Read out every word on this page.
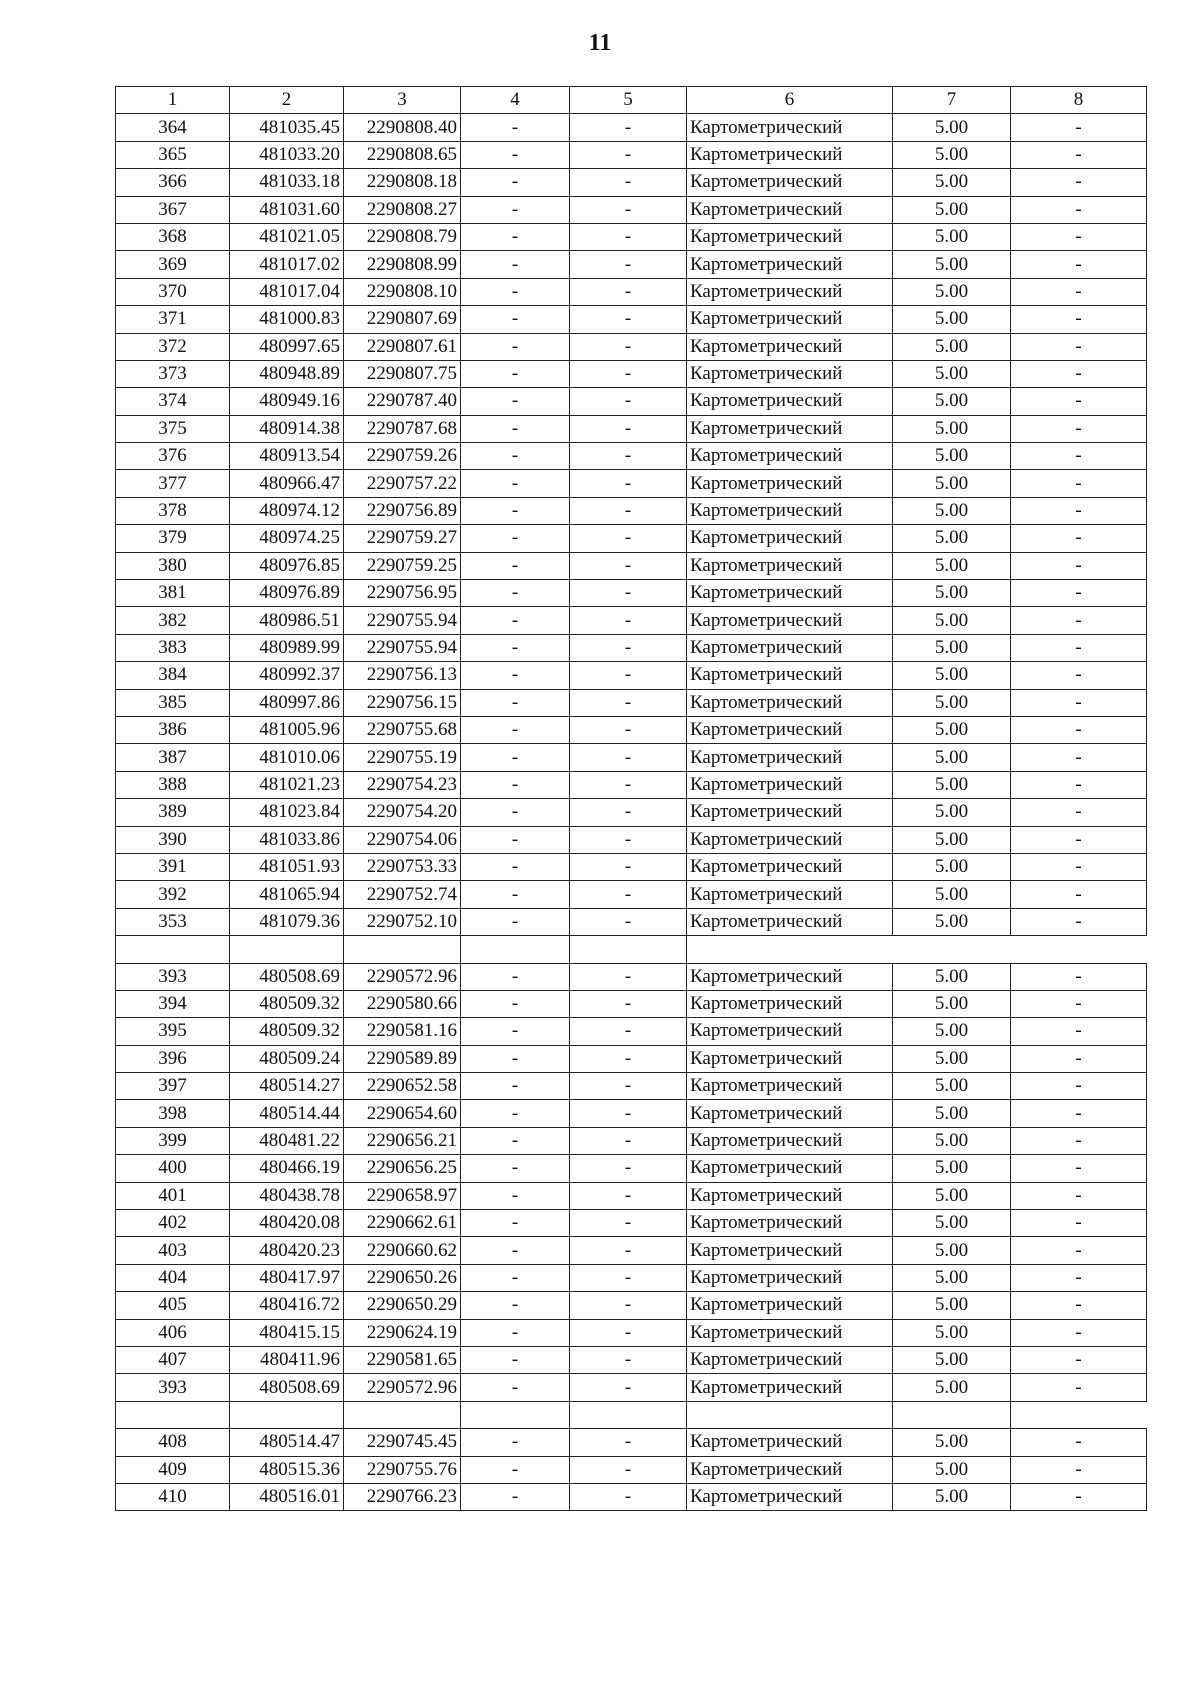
11
1	2	3	4	5	6	7	8
364	481035.45	2290808.40	-	-	Картометрический	5.00	-
365	481033.20	2290808.65	-	-	Картометрический	5.00	-
366	481033.18	2290808.18	-	-	Картометрический	5.00	-
367	481031.60	2290808.27	-	-	Картометрический	5.00	-
368	481021.05	2290808.79	-	-	Картометрический	5.00	-
369	481017.02	2290808.99	-	-	Картометрический	5.00	-
370	481017.04	2290808.10	-	-	Картометрический	5.00	-
371	481000.83	2290807.69	-	-	Картометрический	5.00	-
372	480997.65	2290807.61	-	-	Картометрический	5.00	-
373	480948.89	2290807.75	-	-	Картометрический	5.00	-
374	480949.16	2290787.40	-	-	Картометрический	5.00	-
375	480914.38	2290787.68	-	-	Картометрический	5.00	-
376	480913.54	2290759.26	-	-	Картометрический	5.00	-
377	480966.47	2290757.22	-	-	Картометрический	5.00	-
378	480974.12	2290756.89	-	-	Картометрический	5.00	-
379	480974.25	2290759.27	-	-	Картометрический	5.00	-
380	480976.85	2290759.25	-	-	Картометрический	5.00	-
381	480976.89	2290756.95	-	-	Картометрический	5.00	-
382	480986.51	2290755.94	-	-	Картометрический	5.00	-
383	480989.99	2290755.94	-	-	Картометрический	5.00	-
384	480992.37	2290756.13	-	-	Картометрический	5.00	-
385	480997.86	2290756.15	-	-	Картометрический	5.00	-
386	481005.96	2290755.68	-	-	Картометрический	5.00	-
387	481010.06	2290755.19	-	-	Картометрический	5.00	-
388	481021.23	2290754.23	-	-	Картометрический	5.00	-
389	481023.84	2290754.20	-	-	Картометрический	5.00	-
390	481033.86	2290754.06	-	-	Картометрический	5.00	-
391	481051.93	2290753.33	-	-	Картометрический	5.00	-
392	481065.94	2290752.74	-	-	Картометрический	5.00	-
353	481079.36	2290752.10	-	-	Картометрический	5.00	-

393	480508.69	2290572.96	-	-	Картометрический	5.00	-
394	480509.32	2290580.66	-	-	Картометрический	5.00	-
395	480509.32	2290581.16	-	-	Картометрический	5.00	-
396	480509.24	2290589.89	-	-	Картометрический	5.00	-
397	480514.27	2290652.58	-	-	Картометрический	5.00	-
398	480514.44	2290654.60	-	-	Картометрический	5.00	-
399	480481.22	2290656.21	-	-	Картометрический	5.00	-
400	480466.19	2290656.25	-	-	Картометрический	5.00	-
401	480438.78	2290658.97	-	-	Картометрический	5.00	-
402	480420.08	2290662.61	-	-	Картометрический	5.00	-
403	480420.23	2290660.62	-	-	Картометрический	5.00	-
404	480417.97	2290650.26	-	-	Картометрический	5.00	-
405	480416.72	2290650.29	-	-	Картометрический	5.00	-
406	480415.15	2290624.19	-	-	Картометрический	5.00	-
407	480411.96	2290581.65	-	-	Картометрический	5.00	-
393	480508.69	2290572.96	-	-	Картометрический	5.00	-

408	480514.47	2290745.45	-	-	Картометрический	5.00	-
409	480515.36	2290755.76	-	-	Картометрический	5.00	-
410	480516.01	2290766.23	-	-	Картометрический	5.00	-
